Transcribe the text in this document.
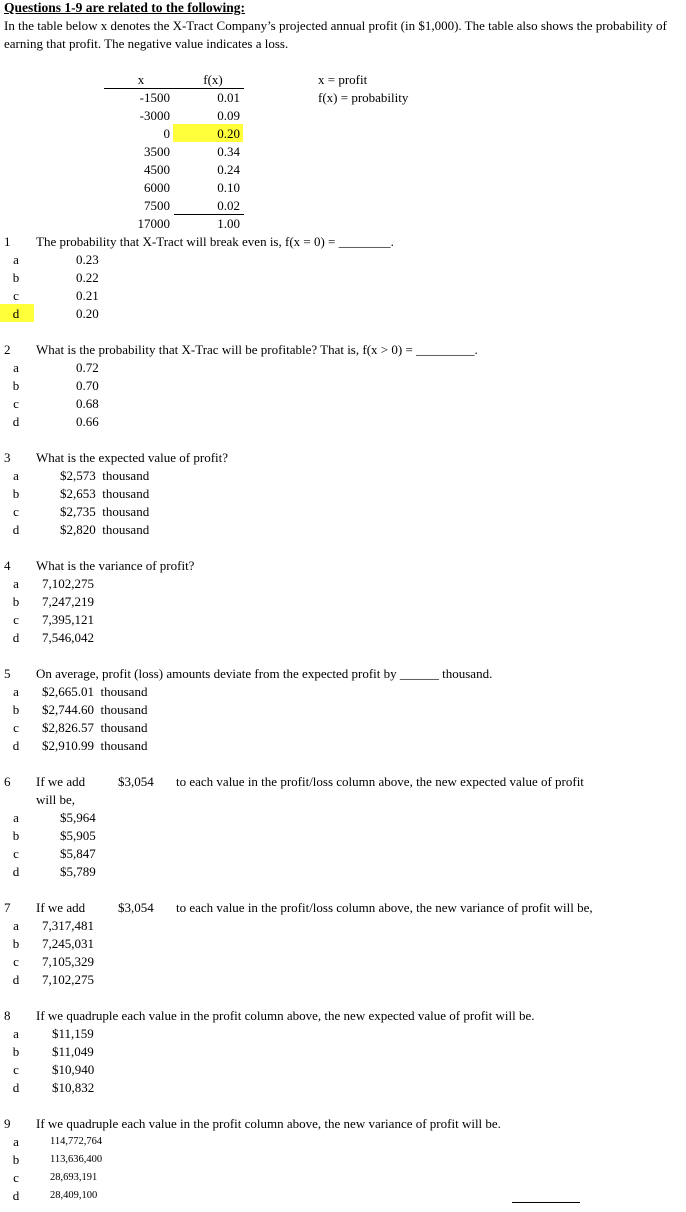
Questions 1-9 are related to the following:
In the table below x denotes the X-Tract Company’s projected annual profit (in $1,000). The table also shows the probability of earning that profit. The negative value indicates a loss.
x	f(x)
-1500	0.01
-3000	0.09
0	0.20
3500	0.34
4500	0.24
6000	0.10
7500	0.02
17000	1.00
x = profit
f(x) = probability
1	The probability that X-Tract will break even is, f(x = 0) = ________.
a	0.23
b	0.22
c	0.21
d	0.20
2	What is the probability that X-Trac will be profitable? That is, f(x > 0) = _________.
a	0.72
b	0.70
c	0.68
d	0.66
3	What is the expected value of profit?
a	$2,573  thousand
b	$2,653  thousand
c	$2,735  thousand
d	$2,820  thousand
4	What is the variance of profit?
a 7,102,275
b 7,247,219
c 7,395,121
d 7,546,042
5	On average, profit (loss) amounts deviate from the expected profit by ______ thousand.
a $2,665.01  thousand
b $2,744.60  thousand
c $2,826.57  thousand
d $2,910.99  thousand
6	If we add	$3,054 to each value in the profit/loss column above, the new expected value of profit
will be,
a	$5,964
b	$5,905
c	$5,847
d	$5,789
7	If we add	$3,054 to each value in the profit/loss column above, the new variance of profit will be,
a 7,317,481
b 7,245,031
c 7,105,329
d 7,102,275
8	If we quadruple each value in the profit column above, the new expected value of profit will be.
a	$11,159
b	$11,049
c	$10,940
d	$10,832
9	If we quadruple each value in the profit column above, the new variance of profit will be.
a	114,772,764
b	113,636,400
c	28,693,191
d	28,409,100
